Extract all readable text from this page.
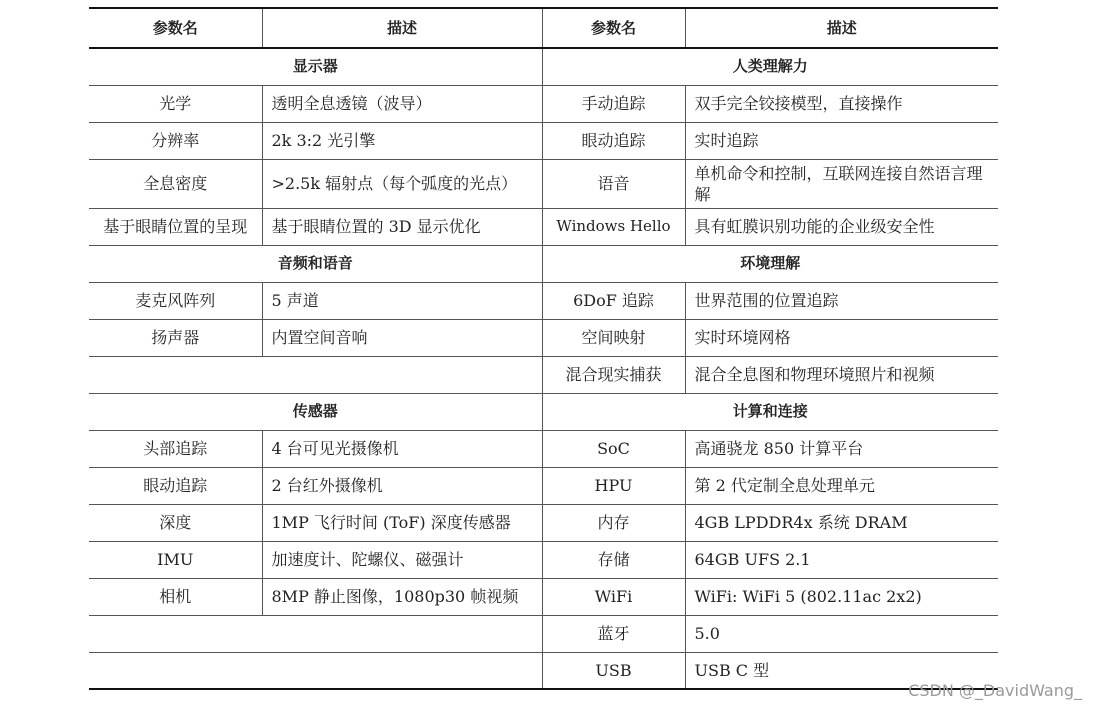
参数名	描述	参数名	描述
显示器		人类理解力	
光学	透明全息透镜（波导）	手动追踪	双手完全铰接模型，直接操作
分辨率	2k 3:2 光引擎	眼动追踪	实时追踪
全息密度	>2.5k 辐射点（每个弧度的光点）	语音	单机命令和控制，互联网连接自然语言理解
基于眼睛位置的呈现	基于眼睛位置的 3D 显示优化	Windows Hello	具有虹膜识别功能的企业级安全性
音频和语音		环境理解	
麦克风阵列	5 声道	6DoF 追踪	世界范围的位置追踪
扬声器	内置空间音响	空间映射	实时环境网格
		混合现实捕获	混合全息图和物理环境照片和视频
传感器		计算和连接	
头部追踪	4 台可见光摄像机	SoC	高通骁龙 850 计算平台
眼动追踪	2 台红外摄像机	HPU	第 2 代定制全息处理单元
深度	1MP 飞行时间 (ToF) 深度传感器	内存	4GB LPDDR4x 系统 DRAM
IMU	加速度计、陀螺仪、磁强计	存储	64GB UFS 2.1
相机	8MP 静止图像，1080p30 帧视频	WiFi	WiFi: WiFi 5 (802.11ac 2x2)
		蓝牙	5.0
		USB	USB C 型
CSDN @_DavidWang_
